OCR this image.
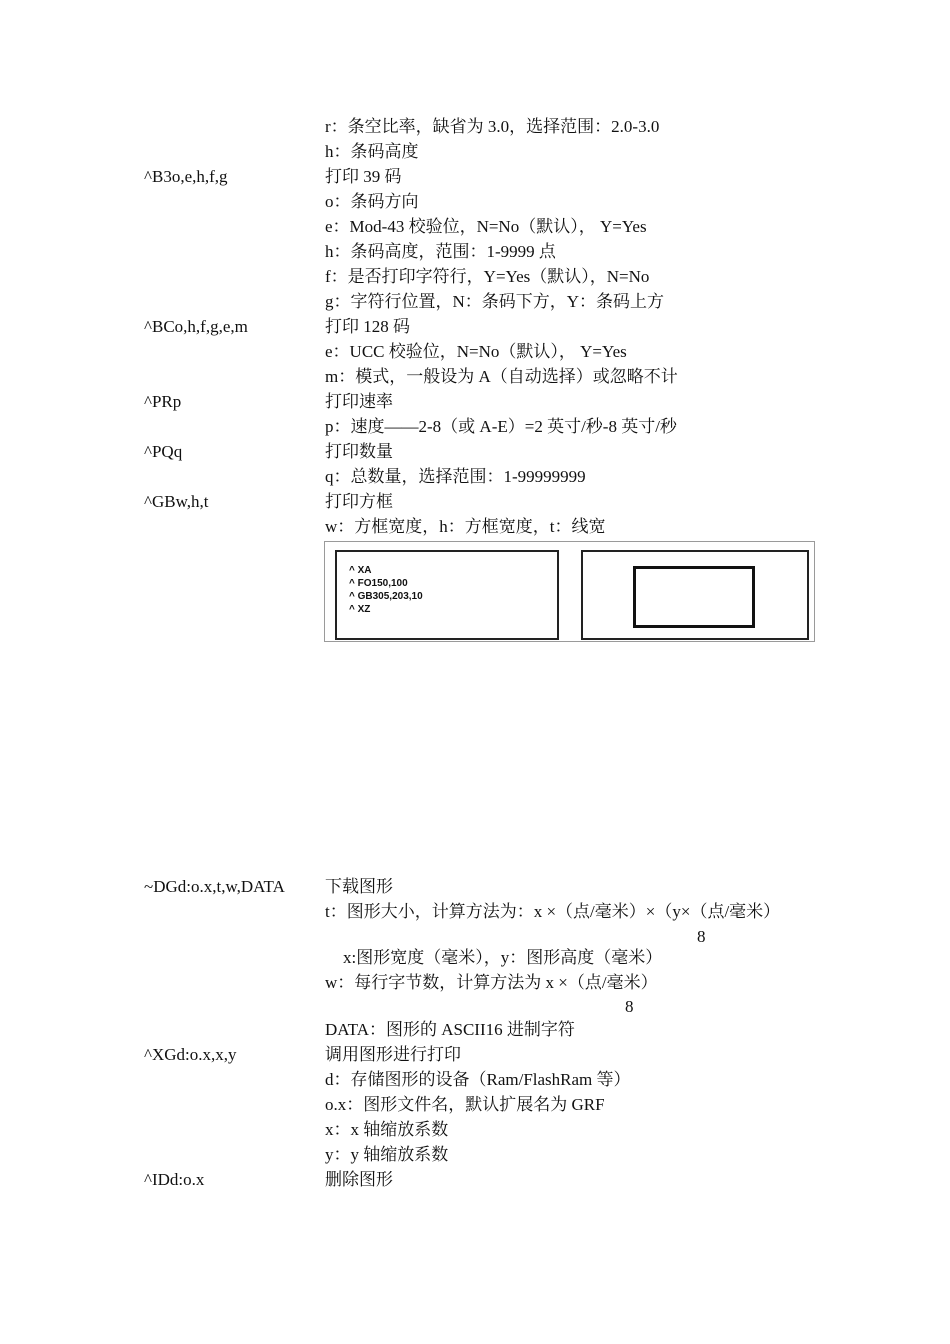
r：条空比率，缺省为 3.0，选择范围：2.0-3.0
h：条码高度
^B3o,e,h,f,g	打印 39 码
o：条码方向
e：Mod-43 校验位，N=No（默认）， Y=Yes
h：条码高度，范围：1-9999 点
f：是否打印字符行，Y=Yes（默认），N=No
g：字符行位置，N：条码下方，Y：条码上方
^BCo,h,f,g,e,m	打印 128 码
e：UCC 校验位，N=No（默认）， Y=Yes
m：模式，一般设为 A（自动选择）或忽略不计
^PRp	打印速率
p：速度——2-8（或 A-E）=2 英寸/秒-8 英寸/秒
^PQq	打印数量
q：总数量，选择范围：1-99999999
^GBw,h,t	打印方框
w：方框宽度，h：方框宽度，t：线宽
^ XA
^ FO150,100
^ GB305,203,10
^ XZ
~DGd:o.x,t,w,DATA 下载图形
t：图形大小，计算方法为：x ×（点/毫米）×（y×（点/毫米）
8
x:图形宽度（毫米），y：图形高度（毫米）
w：每行字节数，计算方法为 x ×（点/毫米）
8
DATA：图形的 ASCII16 进制字符
^XGd:o.x,x,y	调用图形进行打印
d：存储图形的设备（Ram/FlashRam 等）
o.x：图形文件名，默认扩展名为 GRF
x：x 轴缩放系数
y：y 轴缩放系数
^IDd:o.x	删除图形
